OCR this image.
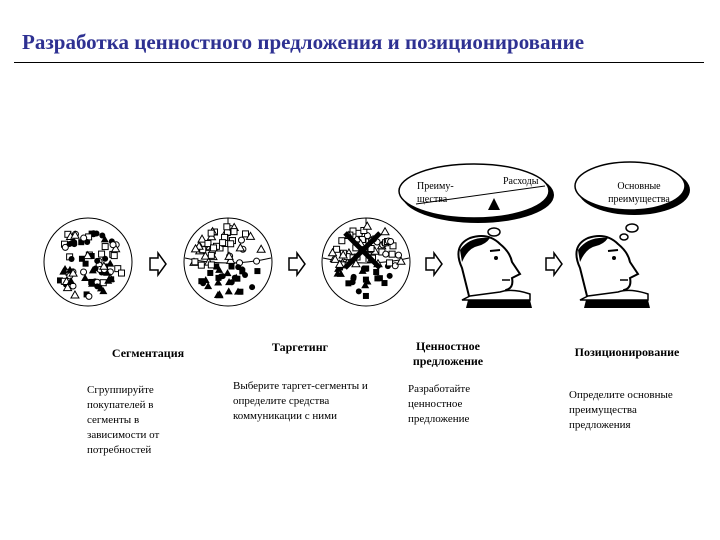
Разработка ценностного предложения и позиционирование
Преиму-
щества
Расходы	Основные
преимущества
Сегментация	Таргетинг	Ценностное предложение
Позиционирование
Сгруппируйте покупателей в сегменты в зависимости от потребностей
Выберите таргет-сегменты и определите средства коммуникации с ними
Разработайте ценностное предложение
Определите основные преимущества предложения
